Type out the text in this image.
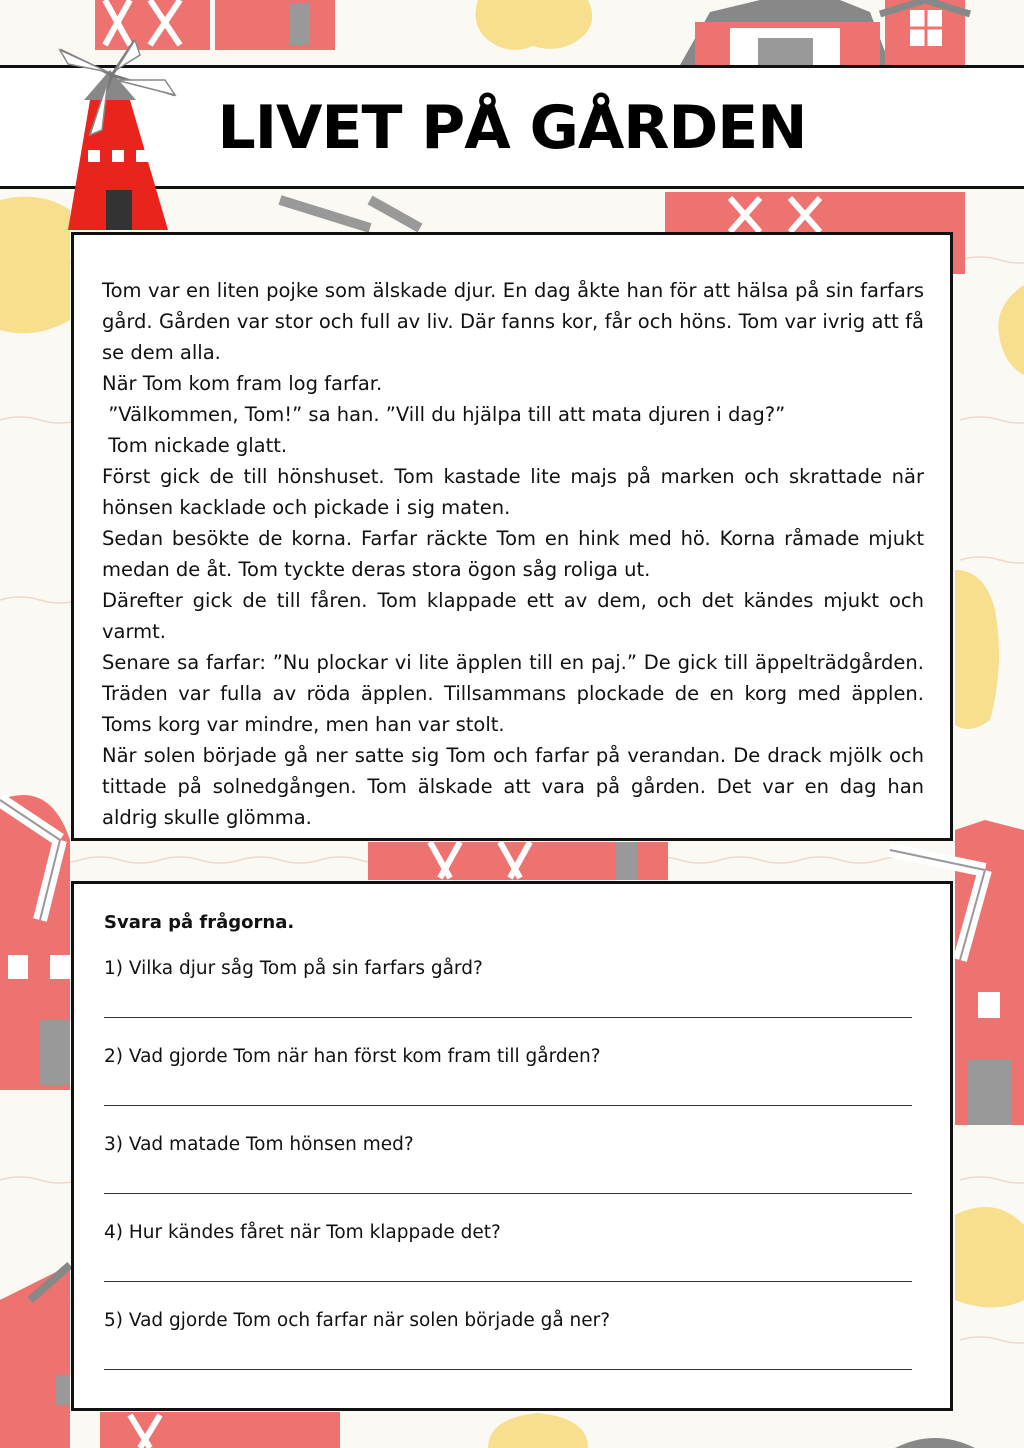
LIVET PÅ GÅRDEN

Tom var en liten pojke som älskade djur. En dag åkte han för att hälsa på sin farfars gård. Gården var stor och full av liv. Där fanns kor, får och höns. Tom var ivrig att få se dem alla.

När Tom kom fram log farfar.

”Välkommen, Tom!” sa han. ”Vill du hjälpa till att mata djuren i dag?”

Tom nickade glatt.

Först gick de till hönshuset. Tom kastade lite majs på marken och skrattade när hönsen kacklade och pickade i sig maten.

Sedan besökte de korna. Farfar räckte Tom en hink med hö. Korna råmade mjukt medan de åt. Tom tyckte deras stora ögon såg roliga ut.

Därefter gick de till fåren. Tom klappade ett av dem, och det kändes mjukt och varmt.

Senare sa farfar: ”Nu plockar vi lite äpplen till en paj.” De gick till äppelträdgården. Träden var fulla av röda äpplen. Tillsammans plockade de en korg med äpplen. Toms korg var mindre, men han var stolt.

När solen började gå ner satte sig Tom och farfar på verandan. De drack mjölk och tittade på solnedgången. Tom älskade att vara på gården. Det var en dag han aldrig skulle glömma.

Svara på frågorna.
1) Vilka djur såg Tom på sin farfars gård?
2) Vad gjorde Tom när han först kom fram till gården?
3) Vad matade Tom hönsen med?
4) Hur kändes fåret när Tom klappade det?
5) Vad gjorde Tom och farfar när solen började gå ner?
